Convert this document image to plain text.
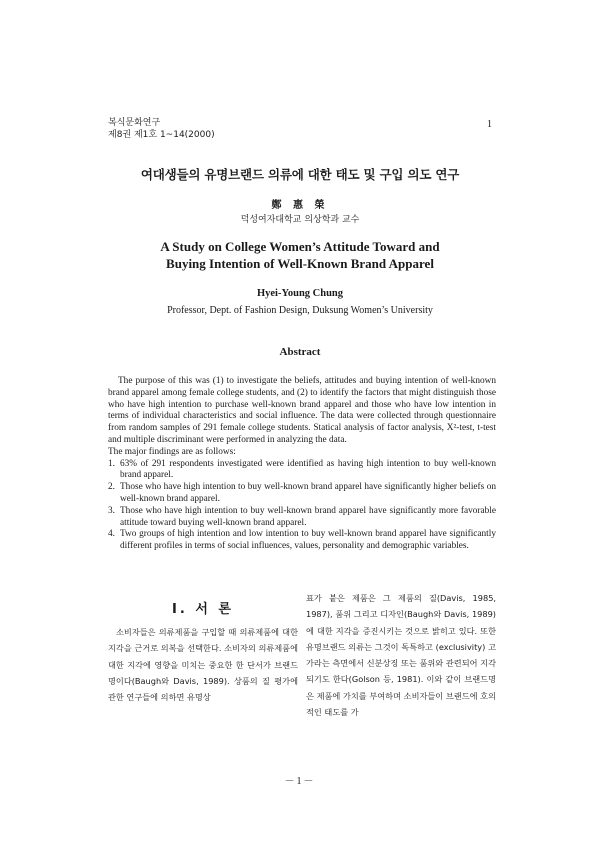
복식문화연구
제8권 제1호 1~14(2000)
1
여대생들의 유명브랜드 의류에 대한 태도 및 구입 의도 연구
鄭 惠 榮
덕성여자대학교 의상학과 교수
A Study on College Women’s Attitude Toward and
Buying Intention of Well-Known Brand Apparel
Hyei-Young Chung
Professor, Dept. of Fashion Design, Duksung Women’s University
Abstract

The purpose of this was (1) to investigate the beliefs, attitudes and buying intention of well-known brand apparel among female college students, and (2) to identify the factors that might distinguish those who have high intention to purchase well-known brand apparel and those who have low intention in terms of individual characteristics and social influence. The data were collected through questionnaire from random samples of 291 female college students. Statical analysis of factor analysis, X²-test, t-test and multiple discriminant were performed in analyzing the data.

The major findings are as follows:
1. 63% of 291 respondents investigated were identified as having high intention to buy well-known brand apparel.
2. Those who have high intention to buy well-known brand apparel have significantly higher beliefs on well-known brand apparel.
3. Those who have high intention to buy well-known brand apparel have significantly more favorable attitude toward buying well-known brand apparel.
4. Two groups of high intention and low intention to buy well-known brand apparel have significantly different profiles in terms of social influences, values, personality and demographic variables.
I. 서 론

소비자들은 의류제품을 구입할 때 의류제품에 대한 지각을 근거로 의복을 선택한다. 소비자의 의류제품에 대한 지각에 영향을 미치는 중요한 한 단서가 브랜드명이다(Baugh와 Davis, 1989). 상품의 질 평가에 관한 연구들에 의하면 유명상

표가 붙은 제품은 그 제품의 질(Davis, 1985, 1987), 품위 그리고 디자인(Baugh와 Davis, 1989)에 대한 지각을 증진시키는 것으로 밝히고 있다. 또한 유명브랜드 의류는 그것이 독특하고 (exclusivity) 고가라는 측면에서 신분상징 또는 품위와 관련되어 지각되기도 한다(Golson 등, 1981). 이와 같이 브랜드명은 제품에 가치를 부여하며 소비자들이 브랜드에 호의적인 태도를 가

－1－
